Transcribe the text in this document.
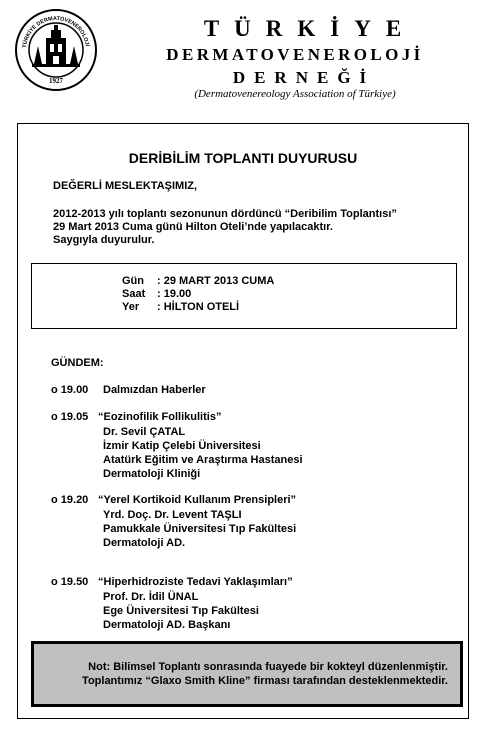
1927
TÜRKİYE DERMATOVENEROLOJİ
TÜRKİYE
DERMATOVENEROLOJİ
DERNEĞİ
(Dermatovenereology Association of Türkiye)
DERİBİLİM TOPLANTI DUYURUSU
DEĞERLİ MESLEKTAŞIMIZ,
2012-2013 yılı toplantı sezonunun dördüncü “Deribilim Toplantısı”
29 Mart 2013 Cuma günü Hilton Oteli’nde yapılacaktır.
Saygıyla duyurulur.
Gün : 29 MART 2013 CUMA
Saat : 19.00
Yer : HİLTON OTELİ
GÜNDEM:
o 19.00 Dalmızdan Haberler
o 19.05 “Eozinofilik Follikulitis”
Dr. Sevil ÇATAL
İzmir Katip Çelebi Üniversitesi
Atatürk Eğitim ve Araştırma Hastanesi
Dermatoloji Kliniği
o 19.20 “Yerel Kortikoid Kullanım Prensipleri”
Yrd. Doç. Dr. Levent TAŞLI
Pamukkale Üniversitesi Tıp Fakültesi
Dermatoloji AD.
o 19.50 “Hiperhidroziste Tedavi Yaklaşımları”
Prof. Dr. İdil ÜNAL
Ege Üniversitesi Tıp Fakültesi
Dermatoloji AD. Başkanı
Not: Bilimsel Toplantı sonrasında fuayede bir kokteyl düzenlenmiştir.
Toplantımız “Glaxo Smith Kline” firması tarafından desteklenmektedir.
